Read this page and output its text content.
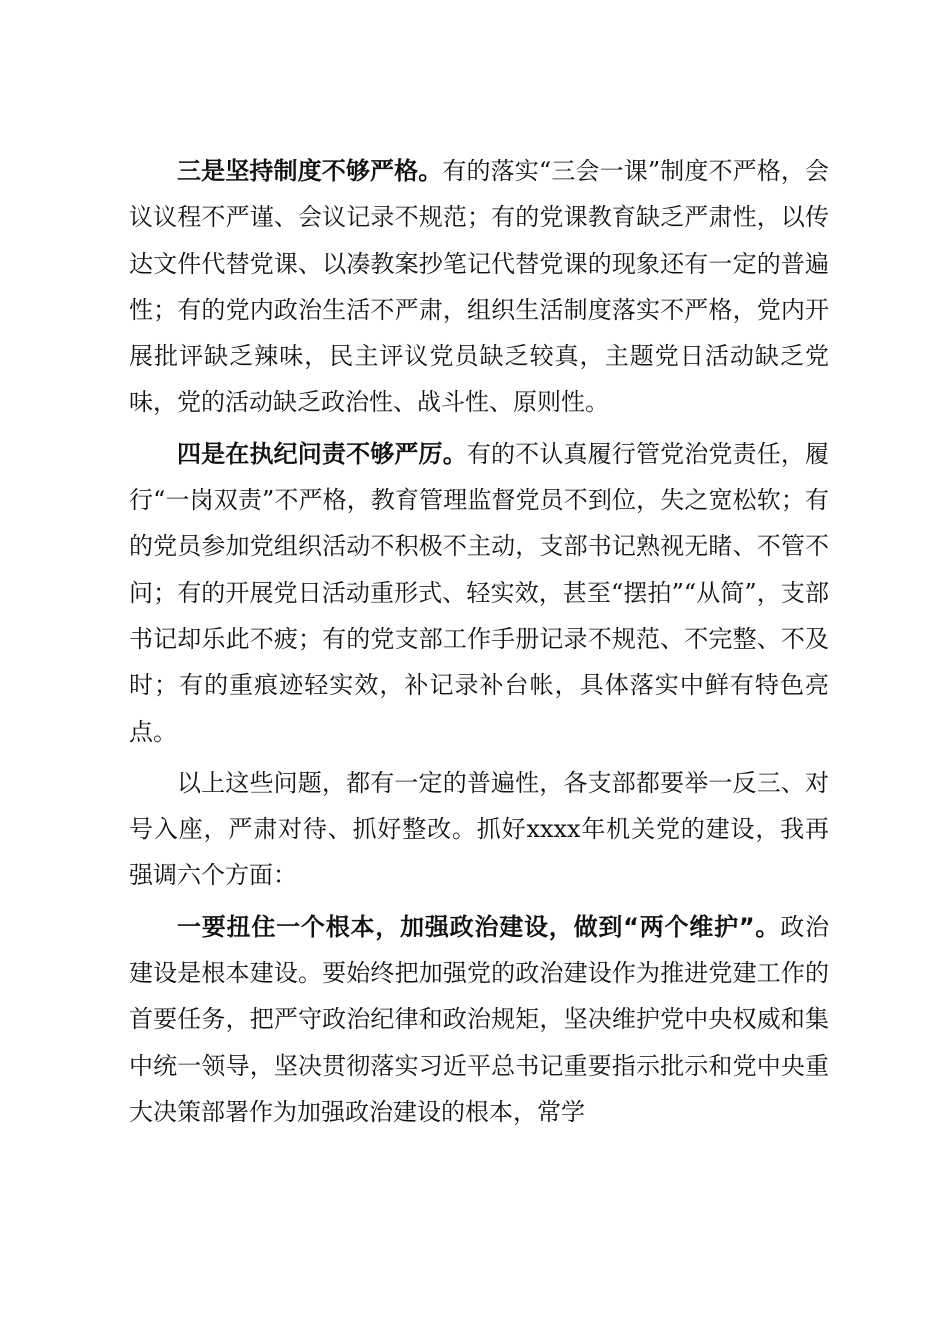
三是坚持制度不够严格。有的落实“三会一课”制度不严格，会议议程不严谨、会议记录不规范；有的党课教育缺乏严肃性，以传达文件代替党课、以凑教案抄笔记代替党课的现象还有一定的普遍性；有的党内政治生活不严肃，组织生活制度落实不严格，党内开展批评缺乏辣味，民主评议党员缺乏较真，主题党日活动缺乏党味，党的活动缺乏政治性、战斗性、原则性。

四是在执纪问责不够严厉。有的不认真履行管党治党责任，履行“一岗双责”不严格，教育管理监督党员不到位，失之宽松软；有的党员参加党组织活动不积极不主动，支部书记熟视无睹、不管不问；有的开展党日活动重形式、轻实效，甚至“摆拍”“从简”，支部书记却乐此不疲；有的党支部工作手册记录不规范、不完整、不及时；有的重痕迹轻实效，补记录补台帐，具体落实中鲜有特色亮点。

以上这些问题，都有一定的普遍性，各支部都要举一反三、对号入座，严肃对待、抓好整改。抓好xxxx年机关党的建设，我再强调六个方面：

一要扭住一个根本，加强政治建设，做到“两个维护”。政治建设是根本建设。要始终把加强党的政治建设作为推进党建工作的首要任务，把严守政治纪律和政治规矩，坚决维护党中央权威和集中统一领导，坚决贯彻落实习近平总书记重要指示批示和党中央重大决策部署作为加强政治建设的根本，常学
